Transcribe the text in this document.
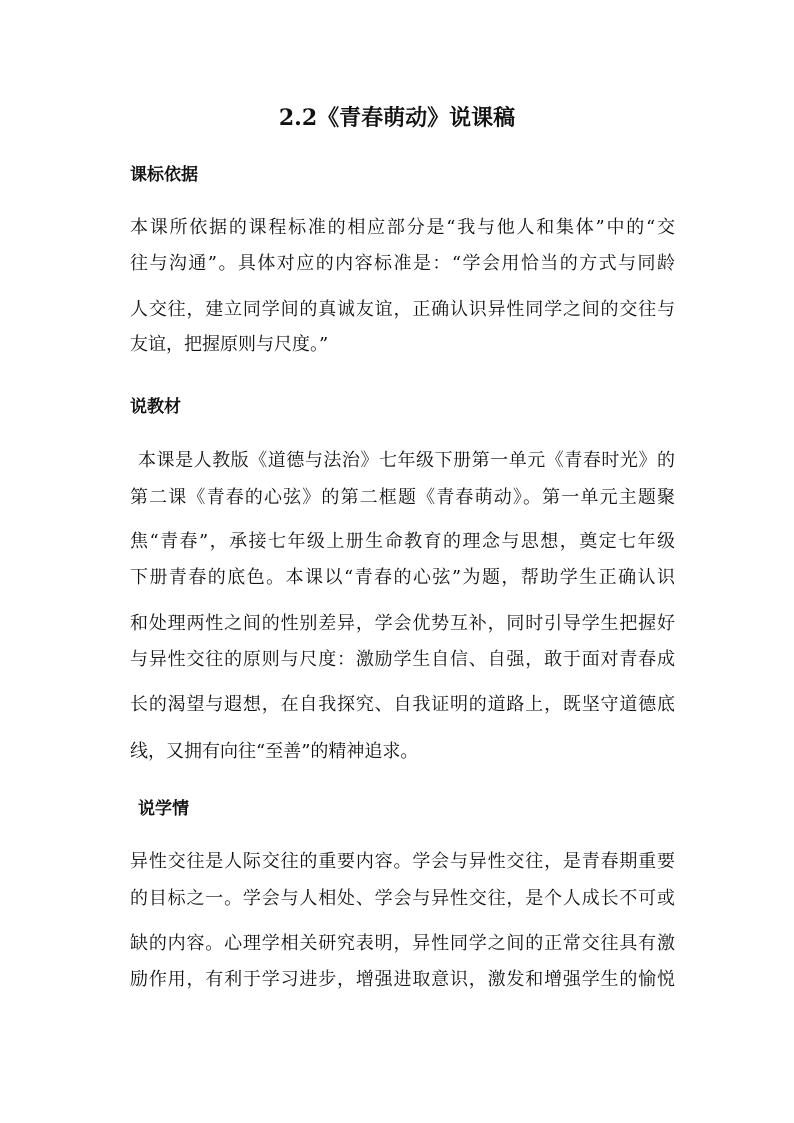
2.2《青春萌动》说课稿
课标依据

本课所依据的课程标准的相应部分是“我与他人和集体”中的“交

往与沟通”。具体对应的内容标准是：“学会用恰当的方式与同龄

人交往，建立同学间的真诚友谊，正确认识异性同学之间的交往与

友谊，把握原则与尺度。”

说教材

本课是人教版《道德与法治》七年级下册第一单元《青春时光》的

第二课《青春的心弦》的第二框题《青春萌动》。第一单元主题聚

焦“青春”，承接七年级上册生命教育的理念与思想，奠定七年级

下册青春的底色。本课以“青春的心弦”为题，帮助学生正确认识

和处理两性之间的性别差异，学会优势互补，同时引导学生把握好

与异性交往的原则与尺度：激励学生自信、自强，敢于面对青春成

长的渴望与遐想，在自我探究、自我证明的道路上，既坚守道德底

线，又拥有向往“至善”的精神追求。

说学情

异性交往是人际交往的重要内容。学会与异性交往，是青春期重要

的目标之一。学会与人相处、学会与异性交往，是个人成长不可或

缺的内容。心理学相关研究表明，异性同学之间的正常交往具有激

励作用，有利于学习进步，增强进取意识，激发和增强学生的愉悦
